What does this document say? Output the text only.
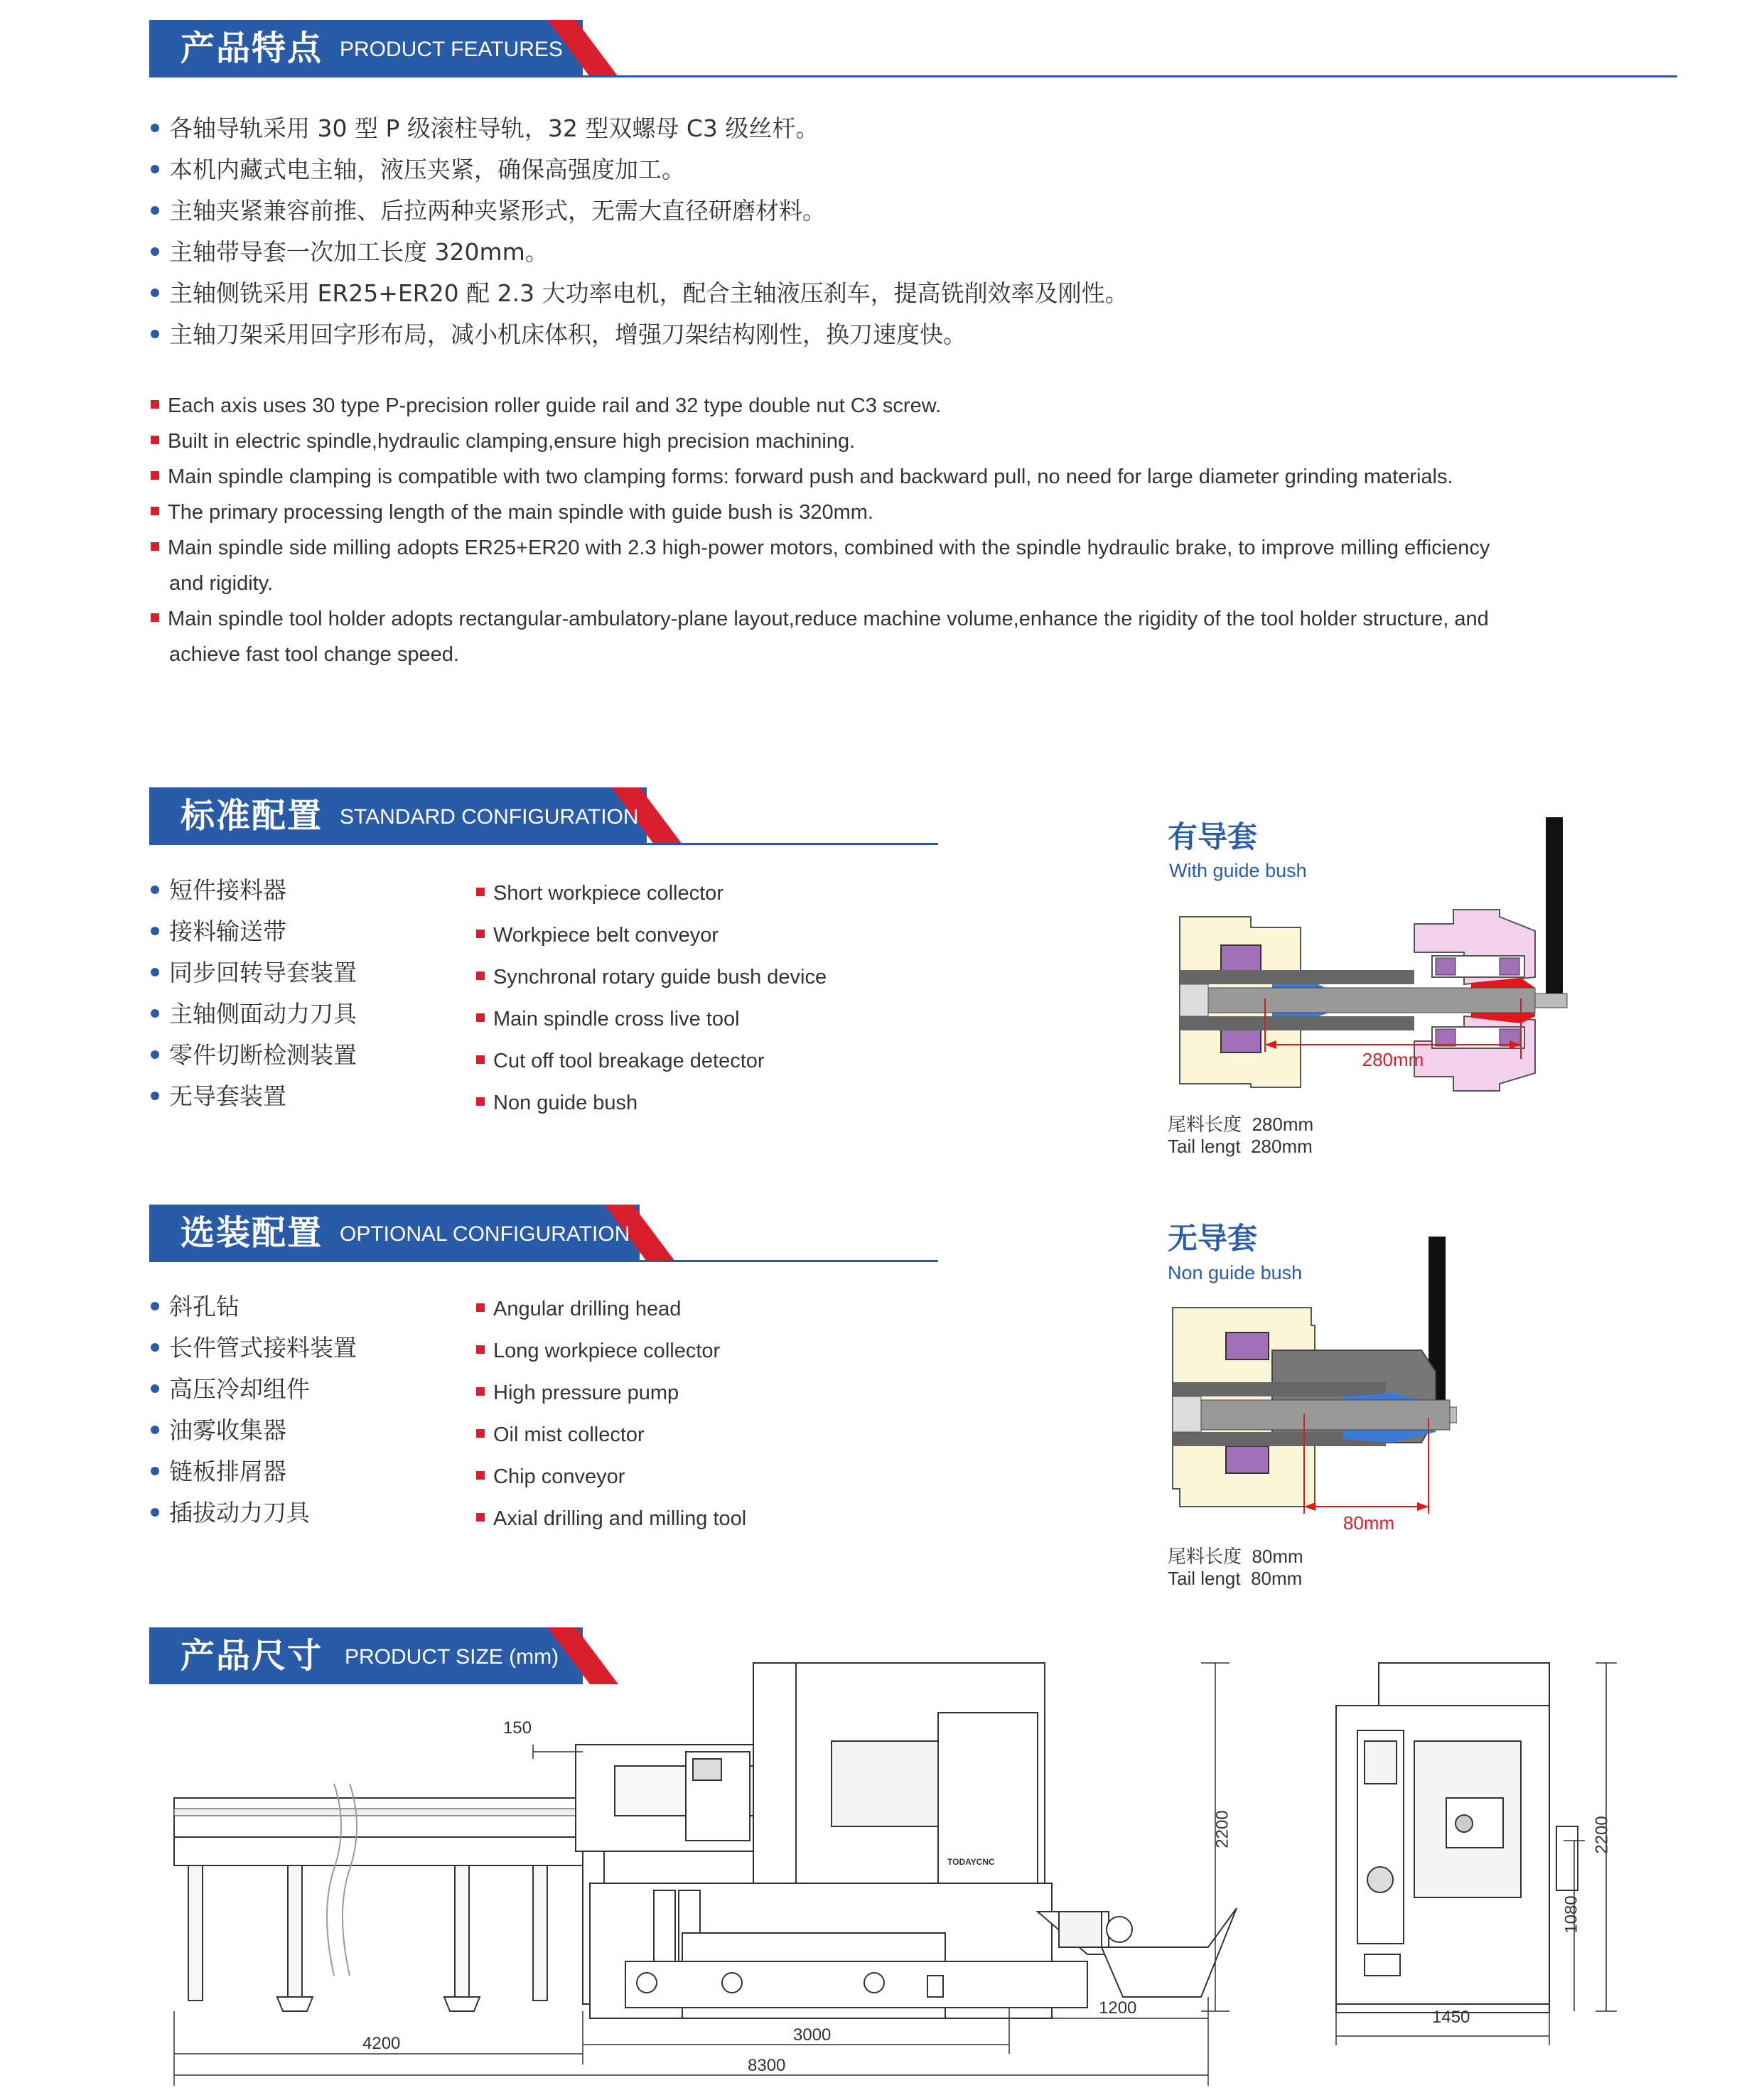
产品特点 PRODUCT FEATURES
各轴导轨采用 30 型 P 级滚柱导轨，32 型双螺母 C3 级丝杆。
本机内藏式电主轴，液压夹紧，确保高强度加工。
主轴夹紧兼容前推、后拉两种夹紧形式，无需大直径研磨材料。
主轴带导套一次加工长度 320mm。
主轴侧铣采用 ER25+ER20 配 2.3 大功率电机，配合主轴液压刹车，提高铣削效率及刚性。
主轴刀架采用回字形布局，减小机床体积，增强刀架结构刚性，换刀速度快。
Each axis uses 30 type P-precision roller guide rail and 32 type double nut C3 screw.
Built in electric spindle,hydraulic clamping,ensure high precision machining.
Main spindle clamping is compatible with two clamping forms: forward push and backward pull, no need for large diameter grinding materials.
The primary processing length of the main spindle with guide bush is 320mm.
Main spindle side milling adopts ER25+ER20 with 2.3 high-power motors, combined with the spindle hydraulic brake, to improve milling efficiency
and rigidity.
Main spindle tool holder adopts rectangular-ambulatory-plane layout,reduce machine volume,enhance the rigidity of the tool holder structure, and
achieve fast tool change speed.
标准配置 STANDARD CONFIGURATION
短件接料器
接料输送带
同步回转导套装置
主轴侧面动力刀具
零件切断检测装置
无导套装置
Short workpiece collector
Workpiece belt conveyor
Synchronal rotary guide bush device
Main spindle cross live tool
Cut off tool breakage detector
Non guide bush
选装配置 OPTIONAL CONFIGURATION
斜孔钻
长件管式接料装置
高压冷却组件
油雾收集器
链板排屑器
插拔动力刀具
Angular drilling head
Long workpiece collector
High pressure pump
Oil mist collector
Chip conveyor
Axial drilling and milling tool
有导套
With guide bush
280mm
尾料长度 280mm
Tail lengt 280mm
无导套
Non guide bush
80mm
尾料长度 80mm
Tail lengt 80mm
产品尺寸 PRODUCT SIZE (mm)
150
2200
4200	3000
1200
8300
TODAYCNC
2200
1080
1450
